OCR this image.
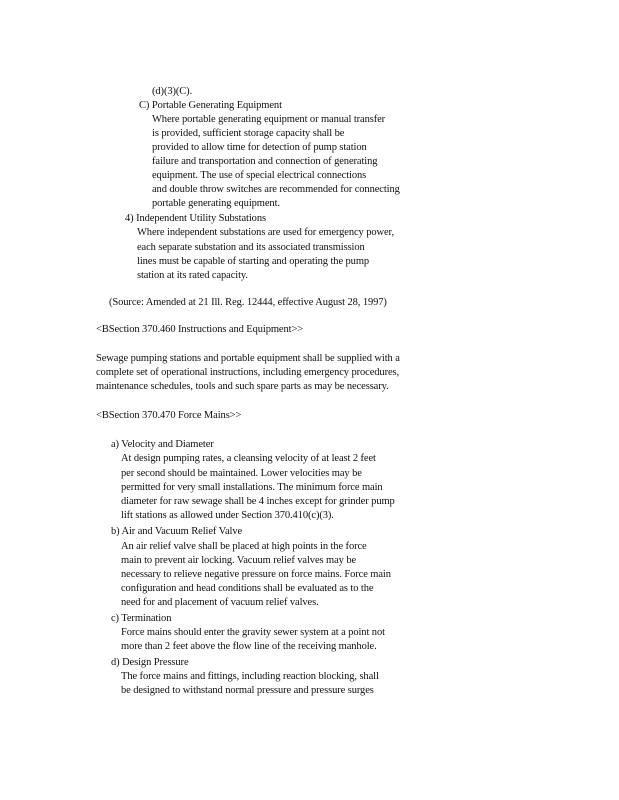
(d)(3)(C).
C) Portable Generating Equipment
Where portable generating equipment or manual transfer
is provided, sufficient storage capacity shall be
provided to allow time for detection of pump station
failure and transportation and connection of generating
equipment. The use of special electrical connections
and double throw switches are recommended for connecting
portable generating equipment.
4) Independent Utility Substations
Where independent substations are used for emergency power,
each separate substation and its associated transmission
lines must be capable of starting and operating the pump
station at its rated capacity.
(Source: Amended at 21 Ill. Reg. 12444, effective August 28, 1997)
<BSection 370.460 Instructions and Equipment>>
Sewage pumping stations and portable equipment shall be supplied with a
complete set of operational instructions, including emergency procedures,
maintenance schedules, tools and such spare parts as may be necessary.
<BSection 370.470 Force Mains>>
a) Velocity and Diameter
At design pumping rates, a cleansing velocity of at least 2 feet
per second should be maintained. Lower velocities may be
permitted for very small installations. The minimum force main
diameter for raw sewage shall be 4 inches except for grinder pump
lift stations as allowed under Section 370.410(c)(3).
b) Air and Vacuum Relief Valve
An air relief valve shall be placed at high points in the force
main to prevent air locking. Vacuum relief valves may be
necessary to relieve negative pressure on force mains. Force main
configuration and head conditions shall be evaluated as to the
need for and placement of vacuum relief valves.
c) Termination
Force mains should enter the gravity sewer system at a point not
more than 2 feet above the flow line of the receiving manhole.
d) Design Pressure
The force mains and fittings, including reaction blocking, shall
be designed to withstand normal pressure and pressure surges
